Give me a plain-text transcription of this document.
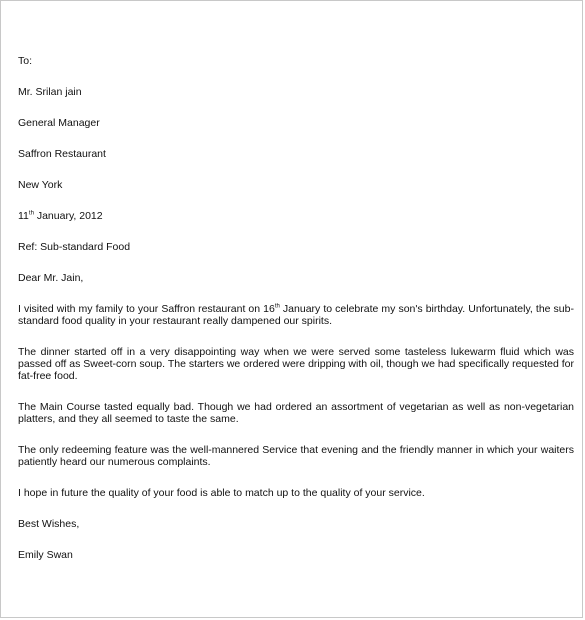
To:

Mr. Srilan jain

General Manager

Saffron Restaurant

New York

11th January, 2012

Ref: Sub-standard Food

Dear Mr. Jain,

I visited with my family to your Saffron restaurant on 16th January to celebrate my son's birthday. Unfortunately, the sub-standard food quality in your restaurant really dampened our spirits.

The dinner started off in a very disappointing way when we were served some tasteless lukewarm fluid which was passed off as Sweet-corn soup. The starters we ordered were dripping with oil, though we had specifically requested for fat-free food.

The Main Course tasted equally bad. Though we had ordered an assortment of vegetarian as well as non-vegetarian platters, and they all seemed to taste the same.

The only redeeming feature was the well-mannered Service that evening and the friendly manner in which your waiters patiently heard our numerous complaints.

I hope in future the quality of your food is able to match up to the quality of your service.

Best Wishes,

Emily Swan
